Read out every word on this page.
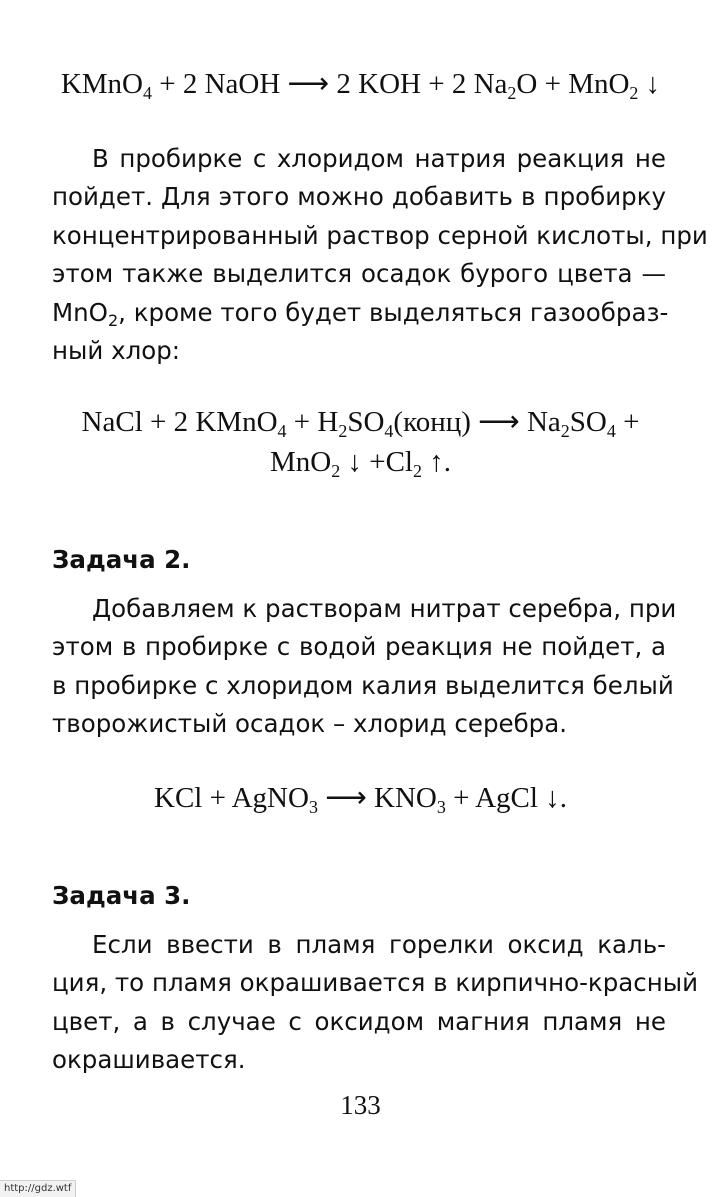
KMnO$_4$ + 2 NaOH ⟶ 2 KOH + 2 $Na_2O + MnO_2$ ↓
В пробирке с хлоридом натрия реакция не
пойдет. Для этого можно добавить в пробирку
концентрированный раствор серной кислоты, при
этом также выделится осадок бурого цвета —
MnO$_2$, кроме того будет выделяться газообраз-
ный хлор:
NaCl + 2 KMnO$_4$ + $H_2SO_4(конц)$ ⟶ $Na_2SO_4$ +
MnO$_2$ ↓ $+Cl_2$ ↑.
Задача 2.
Добавляем к растворам нитрат серебра, при
этом в пробирке с водой реакция не пойдет, а
в пробирке с хлоридом калия выделится белый
творожистый осадок – хлорид серебра.
KCl + AgNO$_3$ ⟶ $KNO_3$ + AgCl ↓.
Задача 3.
Если ввести в пламя горелки оксид каль-
ция, то пламя окрашивается в кирпично-красный
цвет, а в случае с оксидом магния пламя не
окрашивается.
133
http://gdz.wtf
